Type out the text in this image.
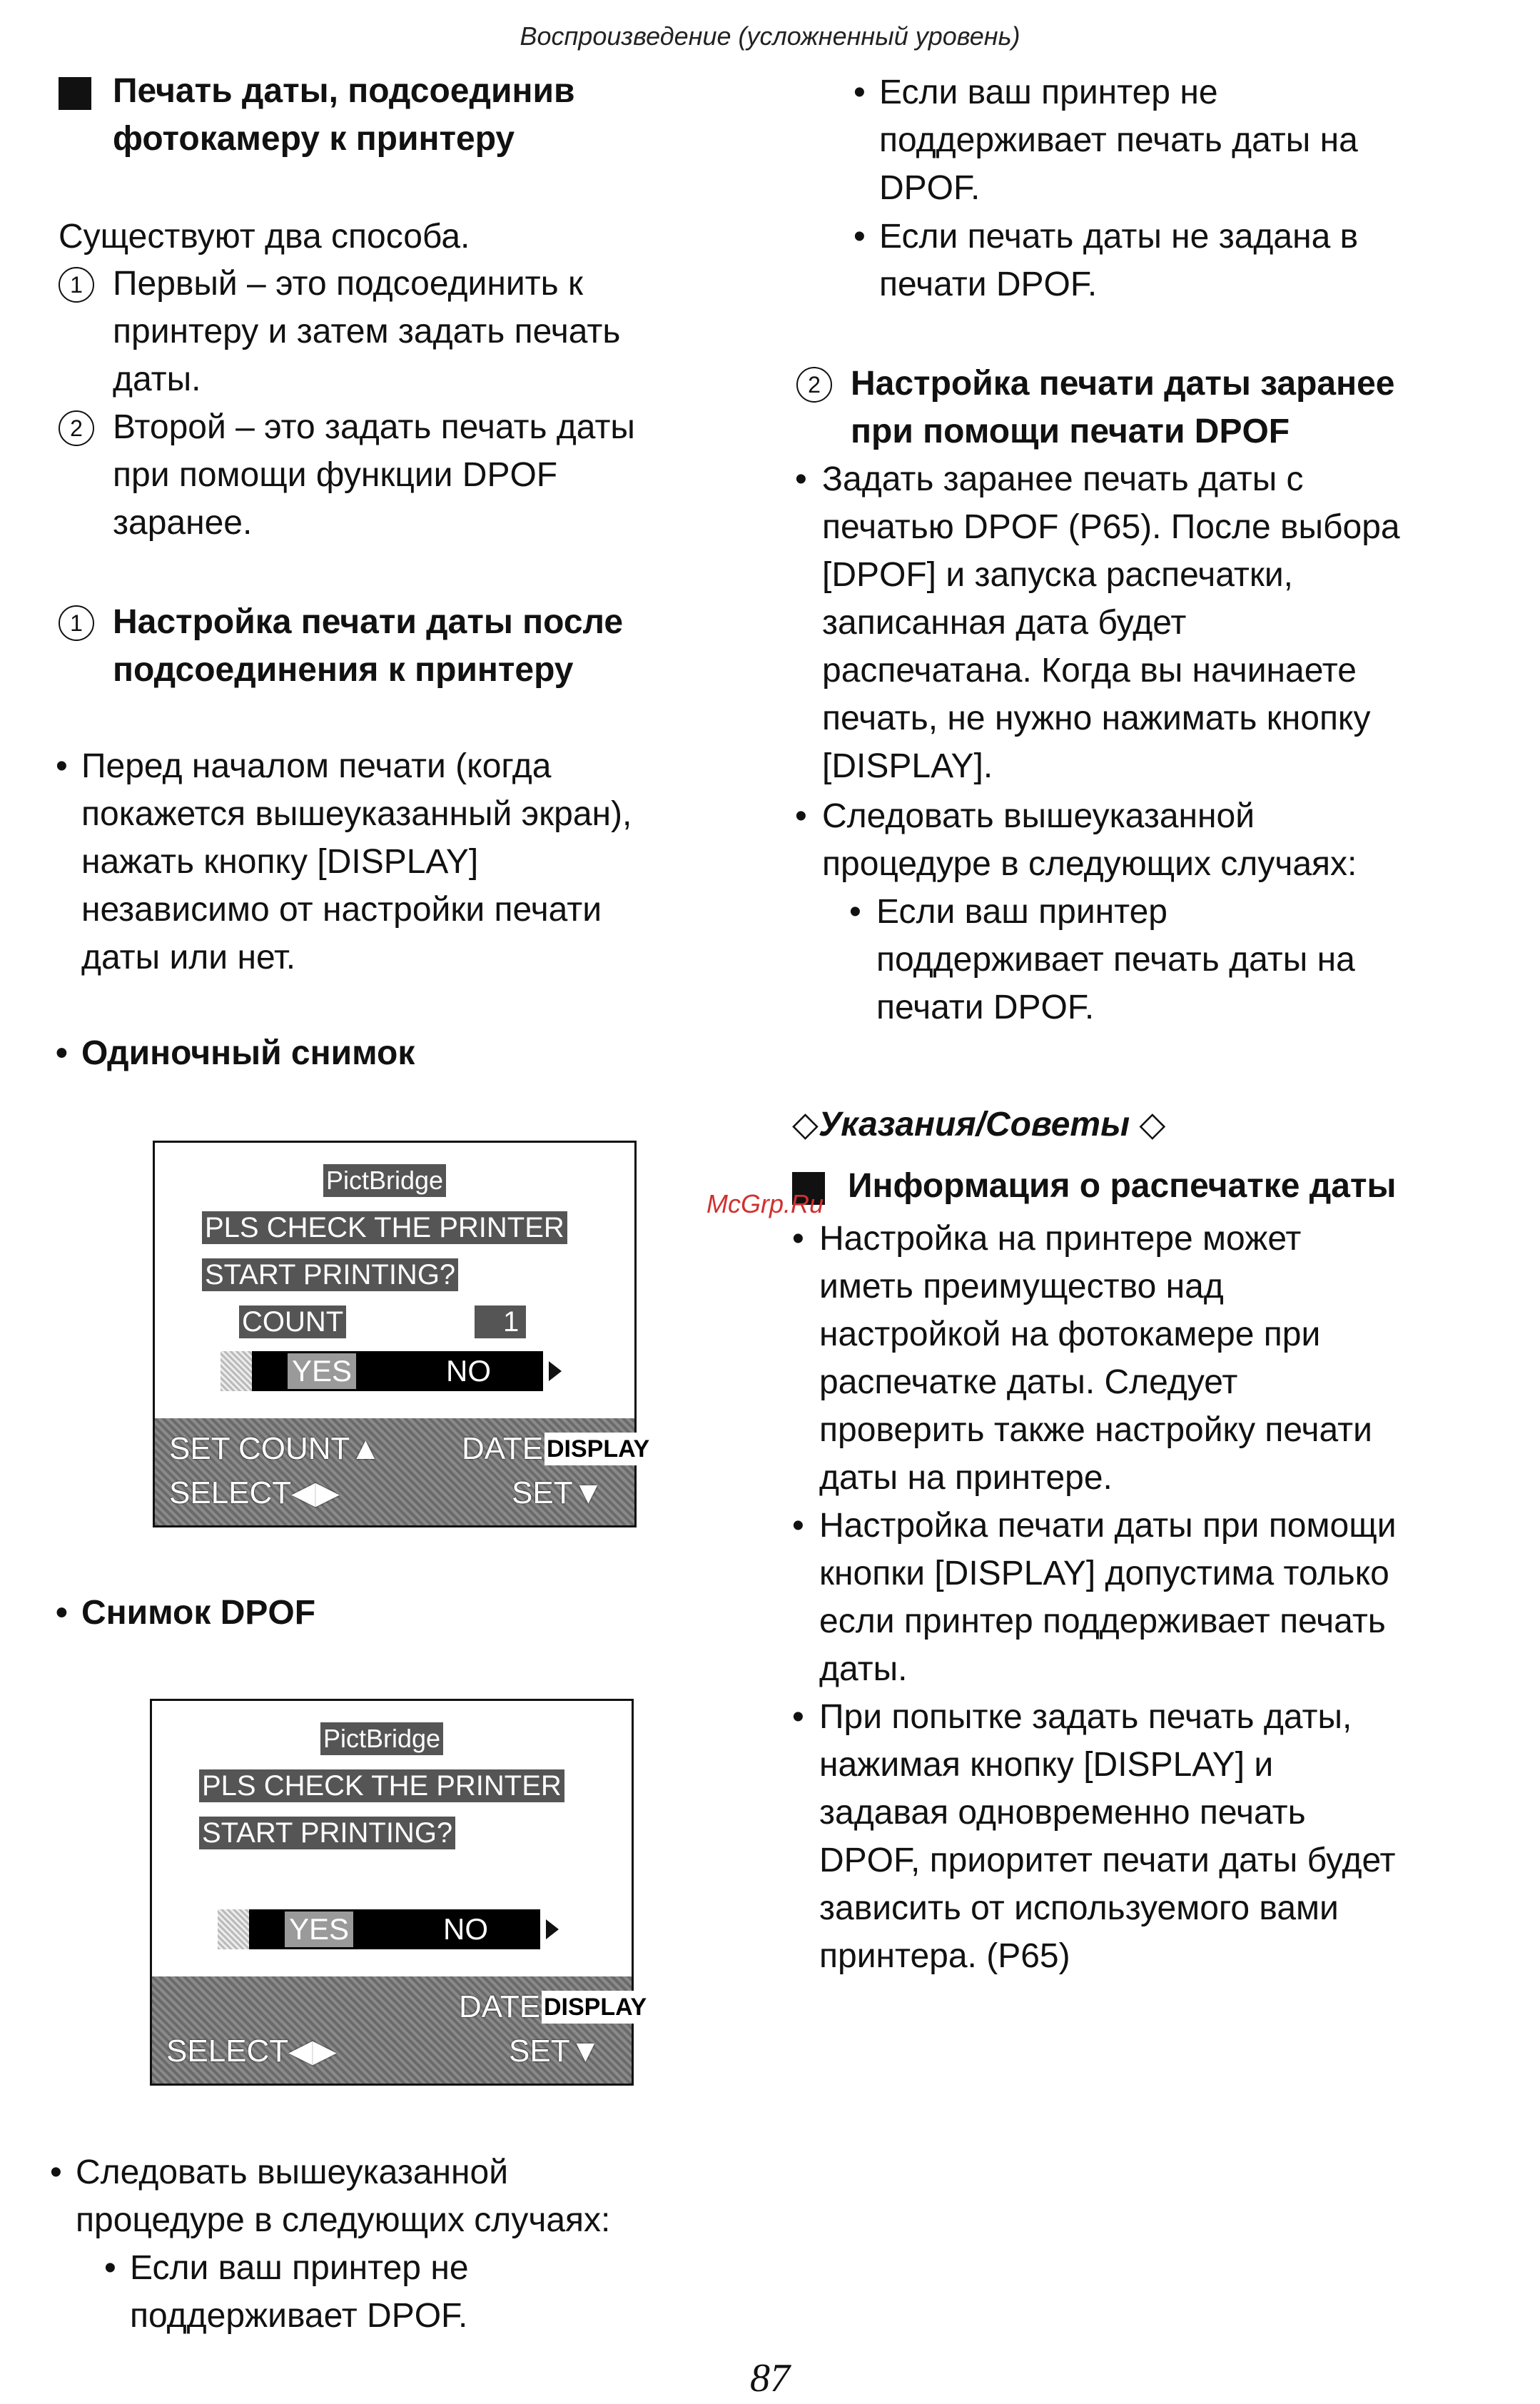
Воспроизведение (усложненный уровень)
Печать даты, подсоединив
фотокамеру к принтеру
Существуют два способа.
1 Первый – это подсоединить к
принтеру и затем задать печать
даты.
2 Второй – это задать печать даты
при помощи функции DPOF
заранее.
1 Настройка печати даты после
подсоединения к принтеру
• Перед началом печати (когда
покажется вышеуказанный экран),
нажать кнопку [DISPLAY]
независимо от настройки печати
даты или нет.
• Одиночный снимок
PictBridge
PLS CHECK THE PRINTER
START PRINTING?
COUNT	1
YES	NO
SET COUNT▲	DATE DISPLAY
SELECT◀▶	SET▼
• Снимок DPOF
PictBridge
PLS CHECK THE PRINTER
START PRINTING?
YES	NO
DATE DISPLAY
SELECT◀▶	SET▼
• Следовать вышеуказанной
процедуре в следующих случаях:
• Если ваш принтер не
поддерживает DPOF.
• Если ваш принтер не
поддерживает печать даты на
DPOF.
• Если печать даты не задана в
печати DPOF.
2 Настройка печати даты заранее
при помощи печати DPOF
• Задать заранее печать даты с
печатью DPOF (P65). После выбора
[DPOF] и запуска распечатки,
записанная дата будет
распечатана. Когда вы начинаете
печать, не нужно нажимать кнопку
[DISPLAY].
• Следовать вышеуказанной
процедуре в следующих случаях:
• Если ваш принтер
поддерживает печать даты на
печати DPOF.
◇Указания/Советы ◇
McGrp.Ru Информация о распечатке даты
• Настройка на принтере может
иметь преимущество над
настройкой на фотокамере при
распечатке даты. Следует
проверить также настройку печати
даты на принтере.
• Настройка печати даты при помощи
кнопки [DISPLAY] допустима только
если принтер поддерживает печать
даты.
• При попытке задать печать даты,
нажимая кнопку [DISPLAY] и
задавая одновременно печать
DPOF, приоритет печати даты будет
зависить от используемого вами
принтера. (P65)
87
